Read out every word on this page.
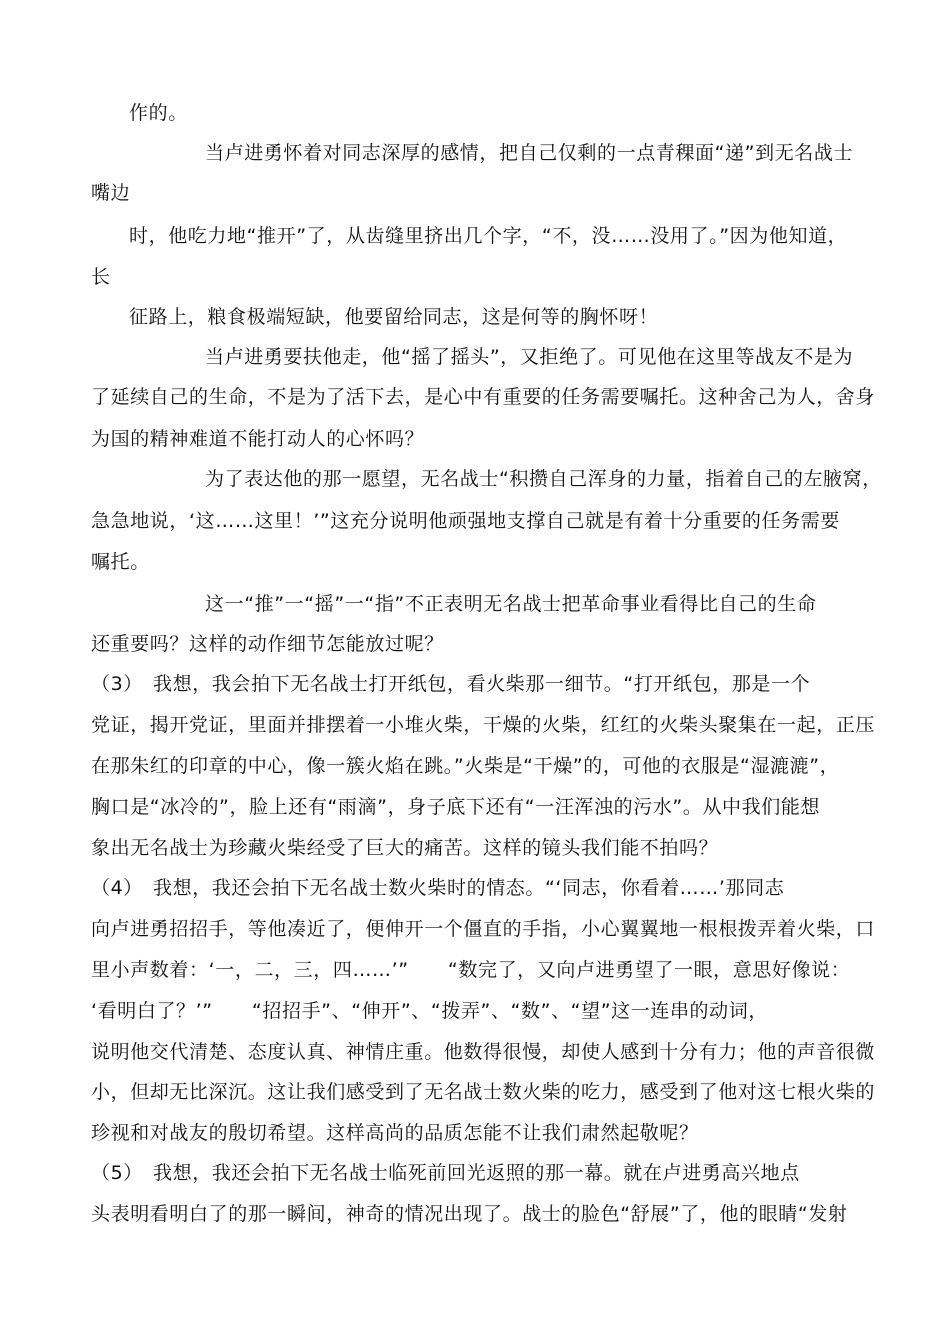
作的。
当卢进勇怀着对同志深厚的感情，把自己仅剩的一点青稞面“递”到无名战士
嘴边
时，他吃力地“推开”了，从齿缝里挤出几个字，“不，没……没用了。”因为他知道，
长
征路上，粮食极端短缺，他要留给同志，这是何等的胸怀呀！
当卢进勇要扶他走，他“摇了摇头”，又拒绝了。可见他在这里等战友不是为
了延续自己的生命，不是为了活下去，是心中有重要的任务需要嘱托。这种舍己为人，舍身
为国的精神难道不能打动人的心怀吗？
为了表达他的那一愿望，无名战士“积攒自己浑身的力量，指着自己的左腋窝，
急急地说，‘这……这里！’”这充分说明他顽强地支撑自己就是有着十分重要的任务需要
嘱托。
这一“推”一“摇”一“指”不正表明无名战士把革命事业看得比自己的生命
还重要吗？这样的动作细节怎能放过呢？
（3）　我想，我会拍下无名战士打开纸包，看火柴那一细节。“打开纸包，那是一个
党证，揭开党证，里面并排摆着一小堆火柴，干燥的火柴，红红的火柴头聚集在一起，正压
在那朱红的印章的中心，像一簇火焰在跳。”火柴是“干燥”的，可他的衣服是“湿漉漉”，
胸口是“冰冷的”，脸上还有“雨滴”，身子底下还有“一汪浑浊的污水”。从中我们能想
象出无名战士为珍藏火柴经受了巨大的痛苦。这样的镜头我们能不拍吗？
（4）　我想，我还会拍下无名战士数火柴时的情态。“‘同志，你看着……’那同志
向卢进勇招招手，等他凑近了，便伸开一个僵直的手指，小心翼翼地一根根拨弄着火柴，口
里小声数着：‘一，二，三，四……’”　　“数完了，又向卢进勇望了一眼，意思好像说：
‘看明白了？’”　　“招招手”、“伸开”、“拨弄”、“数”、“望”这一连串的动词，
说明他交代清楚、态度认真、神情庄重。他数得很慢，却使人感到十分有力；他的声音很微
小，但却无比深沉。这让我们感受到了无名战士数火柴的吃力，感受到了他对这七根火柴的
珍视和对战友的殷切希望。这样高尚的品质怎能不让我们肃然起敬呢？
（5）　我想，我还会拍下无名战士临死前回光返照的那一幕。就在卢进勇高兴地点
头表明看明白了的那一瞬间，神奇的情况出现了。战士的脸色“舒展”了，他的眼睛“发射
